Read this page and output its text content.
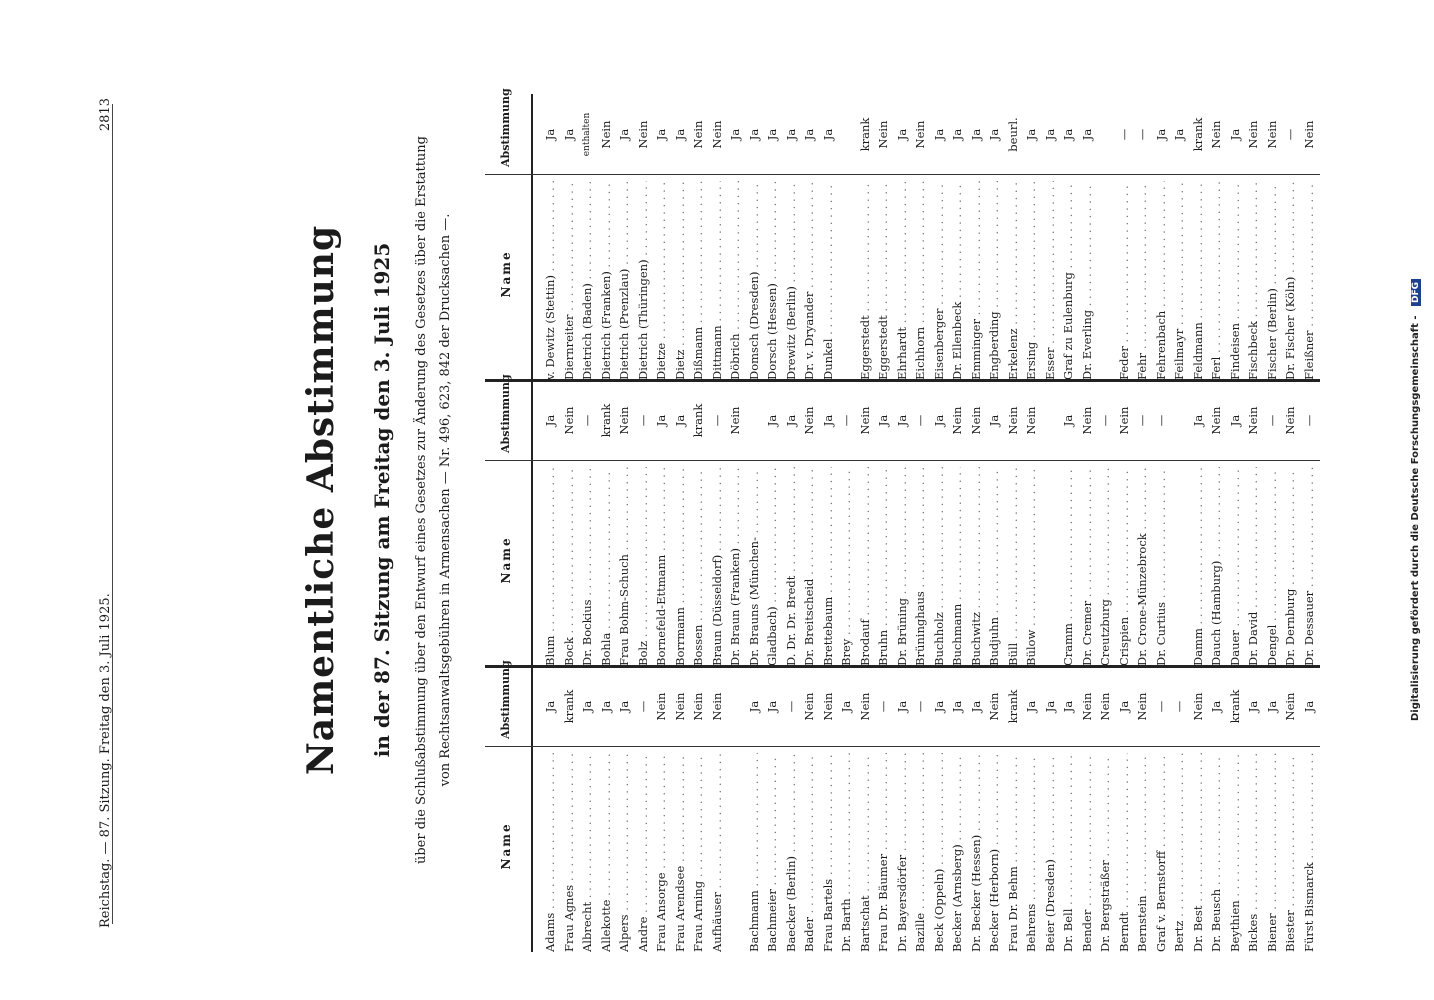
Reichstag. — 87. Sitzung. Freitag den 3. Juli 1925.
2813
Namentliche Abstimmung in der 87. Sitzung am Freitag den 3. Juli 1925	über die Schlußabstimmung über den Entwurf eines Gesetzes zur Änderung des Gesetzes über die Erstattung von Rechtsanwaltsgebühren in Armensachen — Nr. 496, 623, 842 der Drucksachen —.
Name
Abstimmung
Adams . . .
Ja
Frau Agnes . . .
krank
Albrecht . . .
Ja
Allekotte . . .
Ja
Alpers . . .
Ja
Andre . . .
—
Frau Ansorge . . .
Nein
Frau Arendsee . . .
Nein
Frau Arning . . .
Nein
Aufhäuser . . .
Nein
Bachmann . . .
Ja
Bachmeier . . .
Ja
Baecker (Berlin) . . .
—
Bader . . .
Nein
Frau Bartels . . .
Nein
Dr. Barth . . .
Ja
Bartschat . . .
Nein
Frau Dr. Bäumer . . .
—
Dr. Bayersdörfer . . .
Ja
Bazille . . .
—
Beck (Oppeln) . . .
Ja
Becker (Arnsberg) . . .
Ja
Dr. Becker (Hessen) . . .
Ja
Becker (Herborn) . . .
Nein
Frau Dr. Behm . . .
krank
Behrens . . .
Ja
Beier (Dresden) . . .
Ja
Dr. Bell . . .
Ja
Bender . . .
Nein
Dr. Bergsträßer . . .
Nein
Berndt . . .
Ja
Bernstein . . .
Nein
Graf v. Bernstorff . . .
—
Bertz . . .
—
Dr. Best . . .
Nein
Dr. Beusch . . .
Ja
Beythien . . .
krank
Bickes . . .
Ja
Biener . . .
Ja
Biester . . .
Nein
Fürst Bismarck . . .
Ja
Name
Abstimmung
Blum . . .
Ja
Bock . . .
Nein
Dr. Bockius . . .
—
Bohla . . .
krank
Frau Bohm-Schuch . . .
Nein
Bolz . . .
—
Bornefeld-Ettmann . . .
Ja
Borrmann . . .
Ja
Bossen . . .
krank
Braun (Düsseldorf) . . .
—
Dr. Braun (Franken) . . .
Nein
Dr. Brauns (München- . . . Gladbach) . . .
Ja
D. Dr. Dr. Bredt . . .
Ja
Dr. Breitscheid . . .
Nein
Brettebaum . . .
Ja
Brey . . .
—
Brodauf . . .
Nein
Bruhn . . .
Ja
Dr. Brüning . . .
Ja
Brüninghaus . . .
—
Buchholz . . .
Ja
Buchmann . . .
Nein
Buchwitz . . .
Nein
Budjuhn . . .
Ja
Büll . . .
Nein
Bülow . . .
Nein
Cramm . . .
Ja
Dr. Cremer . . .
Nein
Creutzburg . . .
—
Crispien . . .
Nein
Dr. Crone-Münzebrock . . .
—
Dr. Curtius . . .
—
Damm . . .
Ja
Dauch (Hamburg) . . .
Nein
Dauer . . .
Ja
Dr. David . . .
Nein
Dengel . . .
—
Dr. Dernburg . . .
Nein
Dr. Dessauer . . .
—
Name
Abstimmung
v. Dewitz (Stettin) . . .
Ja
Diernreiter . . .
Ja
Dietrich (Baden) . . .
enthalten
Dietrich (Franken) . . .
Nein
Dietrich (Prenzlau) . . .
Ja
Dietrich (Thüringen) . . .
Nein
Dietze . . .
Ja
Dietz . . .
Ja
Dißmann . . .
Nein
Dittmann . . .
Nein
Döbrich . . .
Ja
Domsch (Dresden) . . .
Ja
Dorsch (Hessen) . . .
Ja
Drewitz (Berlin) . . .
Ja
Dr. v. Dryander . . .
Ja
Dunkel . . .
Ja
Eggerstedt . . .
krank
Eggerstedt . . .
Nein
Ehrhardt . . .
Ja
Eichhorn . . .
Nein
Eisenberger . . .
Ja
Dr. Ellenbeck . . .
Ja
Emminger . . .
Ja
Engberding . . .
Ja
Erkelenz . . .
beurl.
Ersing . . .
Ja
Esser . . .
Ja
Graf zu Eulenburg . . .
Ja
Dr. Everling . . .
Ja
Feder . . .
—
Fehr . . .
—
Fehrenbach . . .
Ja
Feilmayr . . .
Ja
Feldmann . . .
krank
Ferl . . .
Nein
Findeisen . . .
Ja
Fischbeck . . .
Nein
Fischer (Berlin) . . .
Nein
Dr. Fischer (Köln) . . .
—
Fleißner . . .
Nein
Digitalisierung gefördert durch die Deutsche Forschungsgemeinschaft - DFG
